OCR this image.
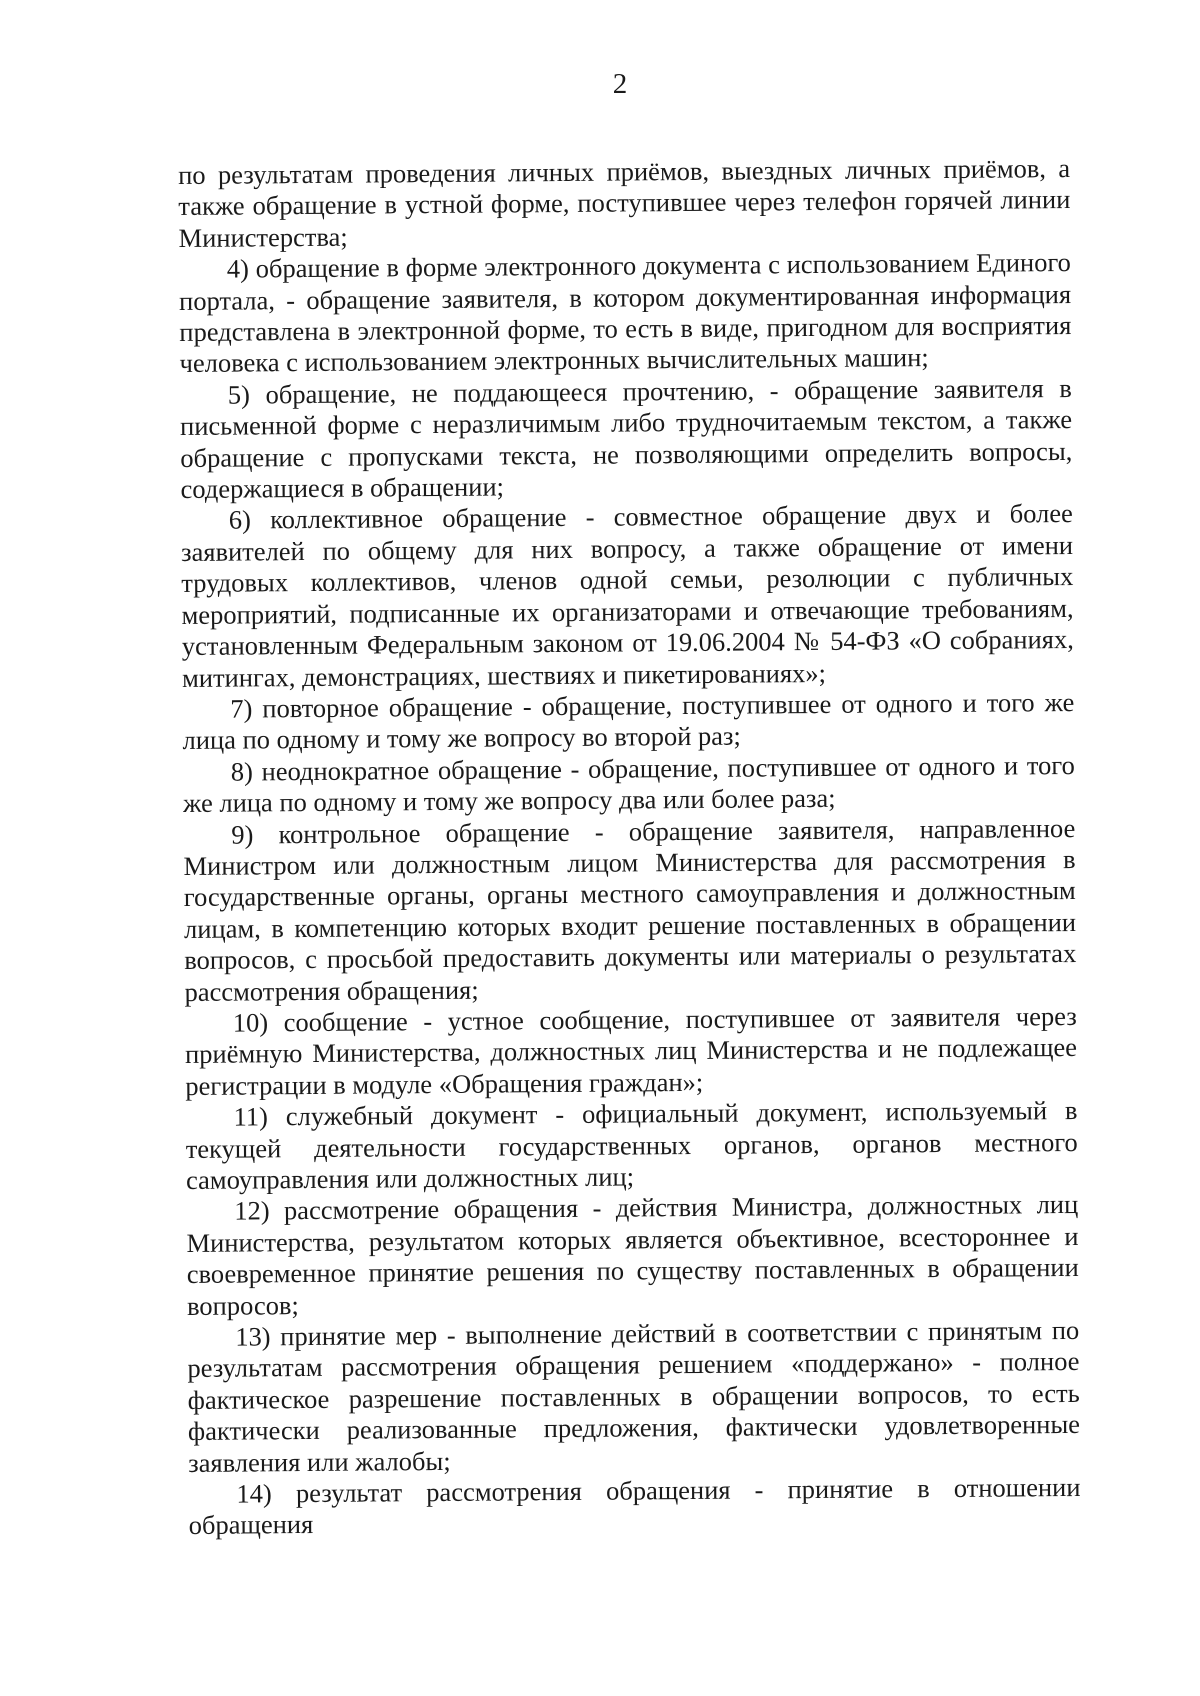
2

по результатам проведения личных приёмов, выездных личных приёмов, а также обращение в устной форме, поступившее через телефон горячей линии Министерства;

4) обращение в форме электронного документа с использованием Единого портала, - обращение заявителя, в котором документированная информация представлена в электронной форме, то есть в виде, пригодном для восприятия человека с использованием электронных вычислительных машин;

5) обращение, не поддающееся прочтению, - обращение заявителя в письменной форме с неразличимым либо трудночитаемым текстом, а также обращение с пропусками текста, не позволяющими определить вопросы, содержащиеся в обращении;

6) коллективное обращение - совместное обращение двух и более заявителей по общему для них вопросу, а также обращение от имени трудовых коллективов, членов одной семьи, резолюции с публичных мероприятий, подписанные их организаторами и отвечающие требованиям, установленным Федеральным законом от 19.06.2004 № 54-ФЗ «О собраниях, митингах, демонстрациях, шествиях и пикетированиях»;

7) повторное обращение - обращение, поступившее от одного и того же лица по одному и тому же вопросу во второй раз;

8) неоднократное обращение - обращение, поступившее от одного и того же лица по одному и тому же вопросу два или более раза;

9) контрольное обращение - обращение заявителя, направленное Министром или должностным лицом Министерства для рассмотрения в государственные органы, органы местного самоуправления и должностным лицам, в компетенцию которых входит решение поставленных в обращении вопросов, с просьбой предоставить документы или материалы о результатах рассмотрения обращения;

10) сообщение - устное сообщение, поступившее от заявителя через приёмную Министерства, должностных лиц Министерства и не подлежащее регистрации в модуле «Обращения граждан»;

11) служебный документ - официальный документ, используемый в текущей деятельности государственных органов, органов местного самоуправления или должностных лиц;

12) рассмотрение обращения - действия Министра, должностных лиц Министерства, результатом которых является объективное, всестороннее и своевременное принятие решения по существу поставленных в обращении вопросов;

13) принятие мер - выполнение действий в соответствии с принятым по результатам рассмотрения обращения решением «поддержано» - полное фактическое разрешение поставленных в обращении вопросов, то есть фактически реализованные предложения, фактически удовлетворенные заявления или жалобы;

14) результат рассмотрения обращения - принятие в отношении обращения
